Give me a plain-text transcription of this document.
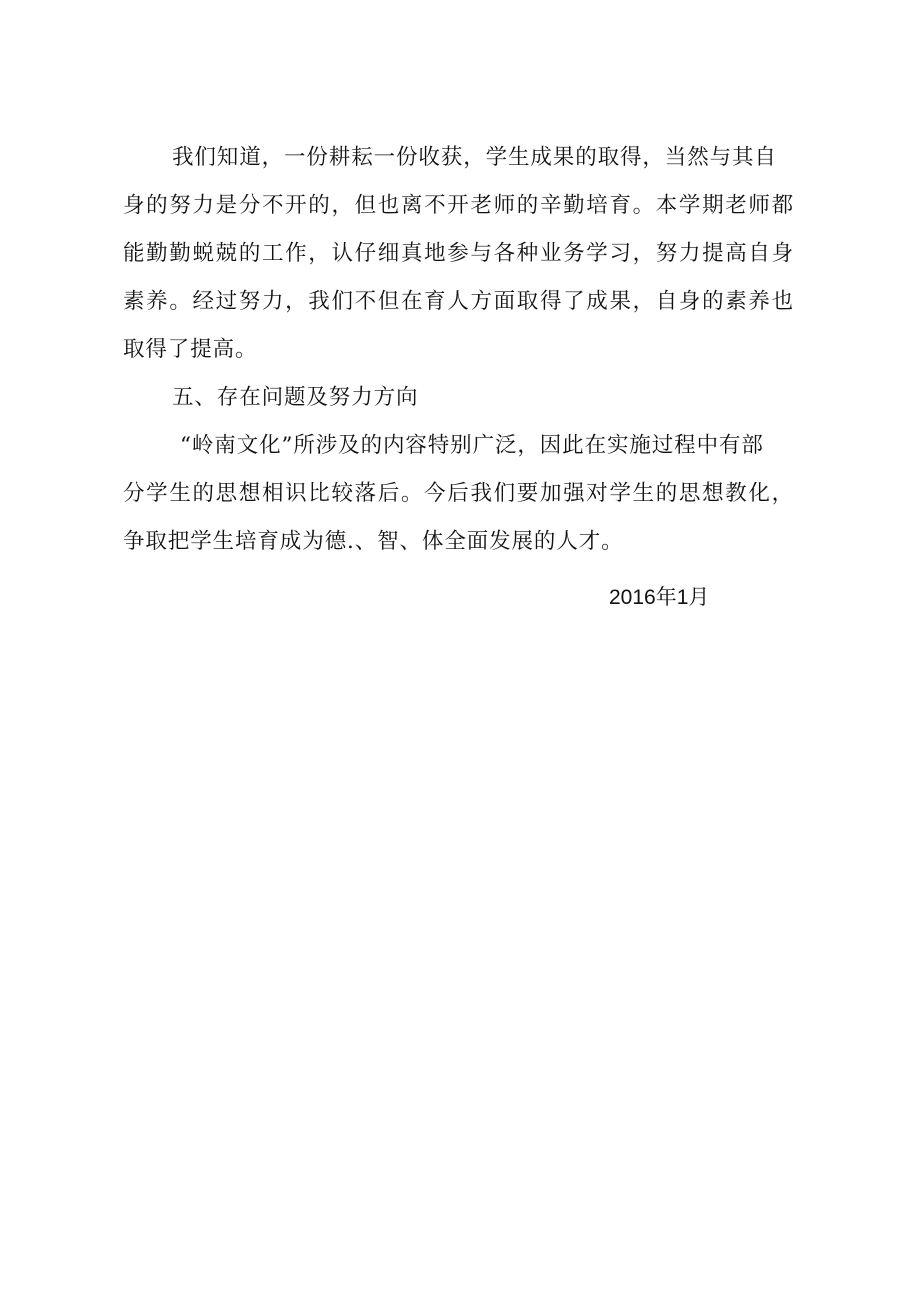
我们知道，一份耕耘一份收获，学生成果的取得，当然与其自
身的努力是分不开的，但也离不开老师的辛勤培育。本学期老师都
能勤勤蜕兢的工作，认仔细真地参与各种业务学习，努力提高自身
素养。经过努力，我们不但在育人方面取得了成果，自身的素养也
取得了提高。
五、存在问题及努力方向
“岭南文化”所涉及的内容特别广泛，因此在实施过程中有部
分学生的思想相识比较落后。今后我们要加强对学生的思想教化，
争取把学生培育成为德.、智、体全面发展的人才。
2016年1月
